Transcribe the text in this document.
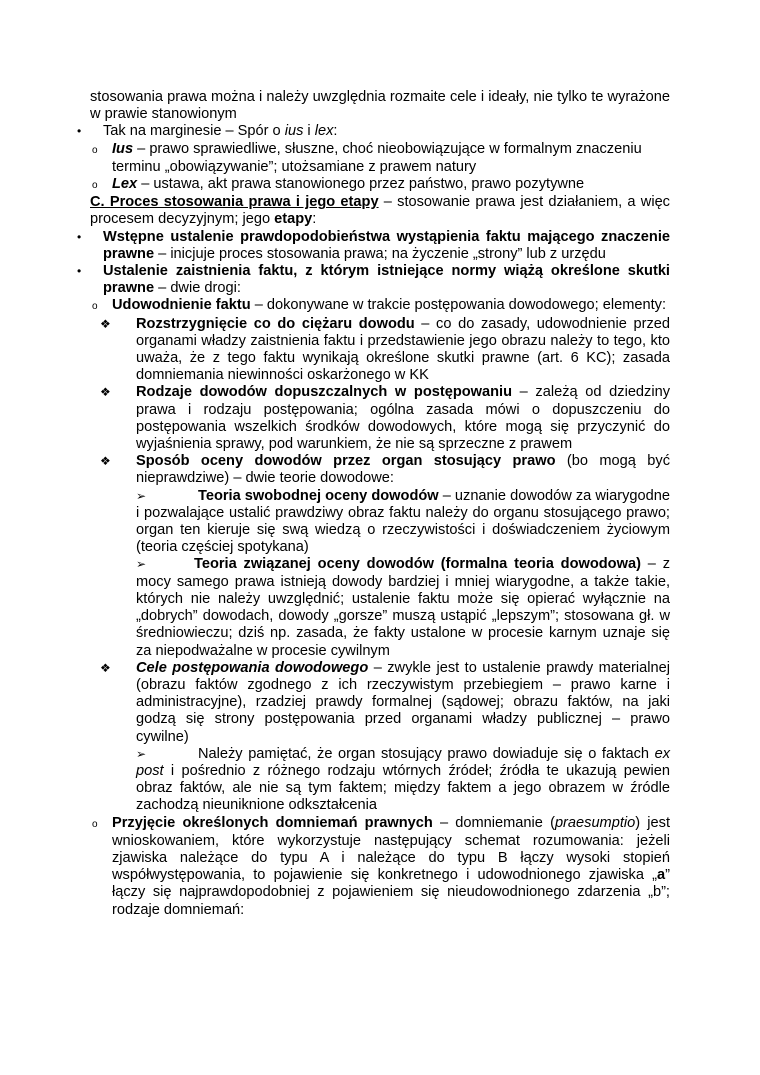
stosowania prawa można i należy uwzględnia rozmaite cele i ideały, nie tylko te wyrażone w prawie stanowionym

• Tak na marginesie – Spór o ius i lex:

o Ius – prawo sprawiedliwe, słuszne, choć nieobowiązujące w formalnym znaczeniu terminu „obowiązywanie”; utożsamiane z prawem natury

o Lex – ustawa, akt prawa stanowionego przez państwo, prawo pozytywne

C. Proces stosowania prawa i jego etapy – stosowanie prawa jest działaniem, a więc procesem decyzyjnym; jego etapy:

• Wstępne ustalenie prawdopodobieństwa wystąpienia faktu mającego znaczenie prawne – inicjuje proces stosowania prawa; na życzenie „strony” lub z urzędu

• Ustalenie zaistnienia faktu, z którym istniejące normy wiążą określone skutki prawne – dwie drogi:

o Udowodnienie faktu – dokonywane w trakcie postępowania dowodowego; elementy:

❖ Rozstrzygnięcie co do ciężaru dowodu – co do zasady, udowodnienie przed organami władzy zaistnienia faktu i przedstawienie jego obrazu należy to tego, kto uważa, że z tego faktu wynikają określone skutki prawne (art. 6 KC); zasada domniemania niewinności oskarżonego w KK

❖ Rodzaje dowodów dopuszczalnych w postępowaniu – zależą od dziedziny prawa i rodzaju postępowania; ogólna zasada mówi o dopuszczeniu do postępowania wszelkich środków dowodowych, które mogą się przyczynić do wyjaśnienia sprawy, pod warunkiem, że nie są sprzeczne z prawem

❖ Sposób oceny dowodów przez organ stosujący prawo (bo mogą być nieprawdziwe) – dwie teorie dowodowe:

➢	Teoria swobodnej oceny dowodów – uznanie dowodów za wiarygodne i pozwalające ustalić prawdziwy obraz faktu należy do organu stosującego prawo; organ ten kieruje się swą wiedzą o rzeczywistości i doświadczeniem życiowym (teoria częściej spotykana)

➢	Teoria związanej oceny dowodów (formalna teoria dowodowa) – z mocy samego prawa istnieją dowody bardziej i mniej wiarygodne, a także takie, których nie należy uwzględnić; ustalenie faktu może się opierać wyłącznie na „dobrych” dowodach, dowody „gorsze” muszą ustąpić „lepszym”; stosowana gł. w średniowieczu; dziś np. zasada, że fakty ustalone w procesie karnym uznaje się za niepodważalne w procesie cywilnym

❖ Cele postępowania dowodowego – zwykle jest to ustalenie prawdy materialnej (obrazu faktów zgodnego z ich rzeczywistym przebiegiem – prawo karne i administracyjne), rzadziej prawdy formalnej (sądowej; obrazu faktów, na jaki godzą się strony postępowania przed organami władzy publicznej – prawo cywilne)

➢	Należy pamiętać, że organ stosujący prawo dowiaduje się o faktach ex post i pośrednio z różnego rodzaju wtórnych źródeł; źródła te ukazują pewien obraz faktów, ale nie są tym faktem; między faktem a jego obrazem w źródle zachodzą nieuniknione odkształcenia

o Przyjęcie określonych domniemań prawnych – domniemanie (praesumptio) jest wnioskowaniem, które wykorzystuje następujący schemat rozumowania: jeżeli zjawiska należące do typu A i należące do typu B łączy wysoki stopień współwystępowania, to pojawienie się konkretnego i udowodnionego zjawiska „a” łączy się najprawdopodobniej z pojawieniem się nieudowodnionego zdarzenia „b”; rodzaje domniemań:
